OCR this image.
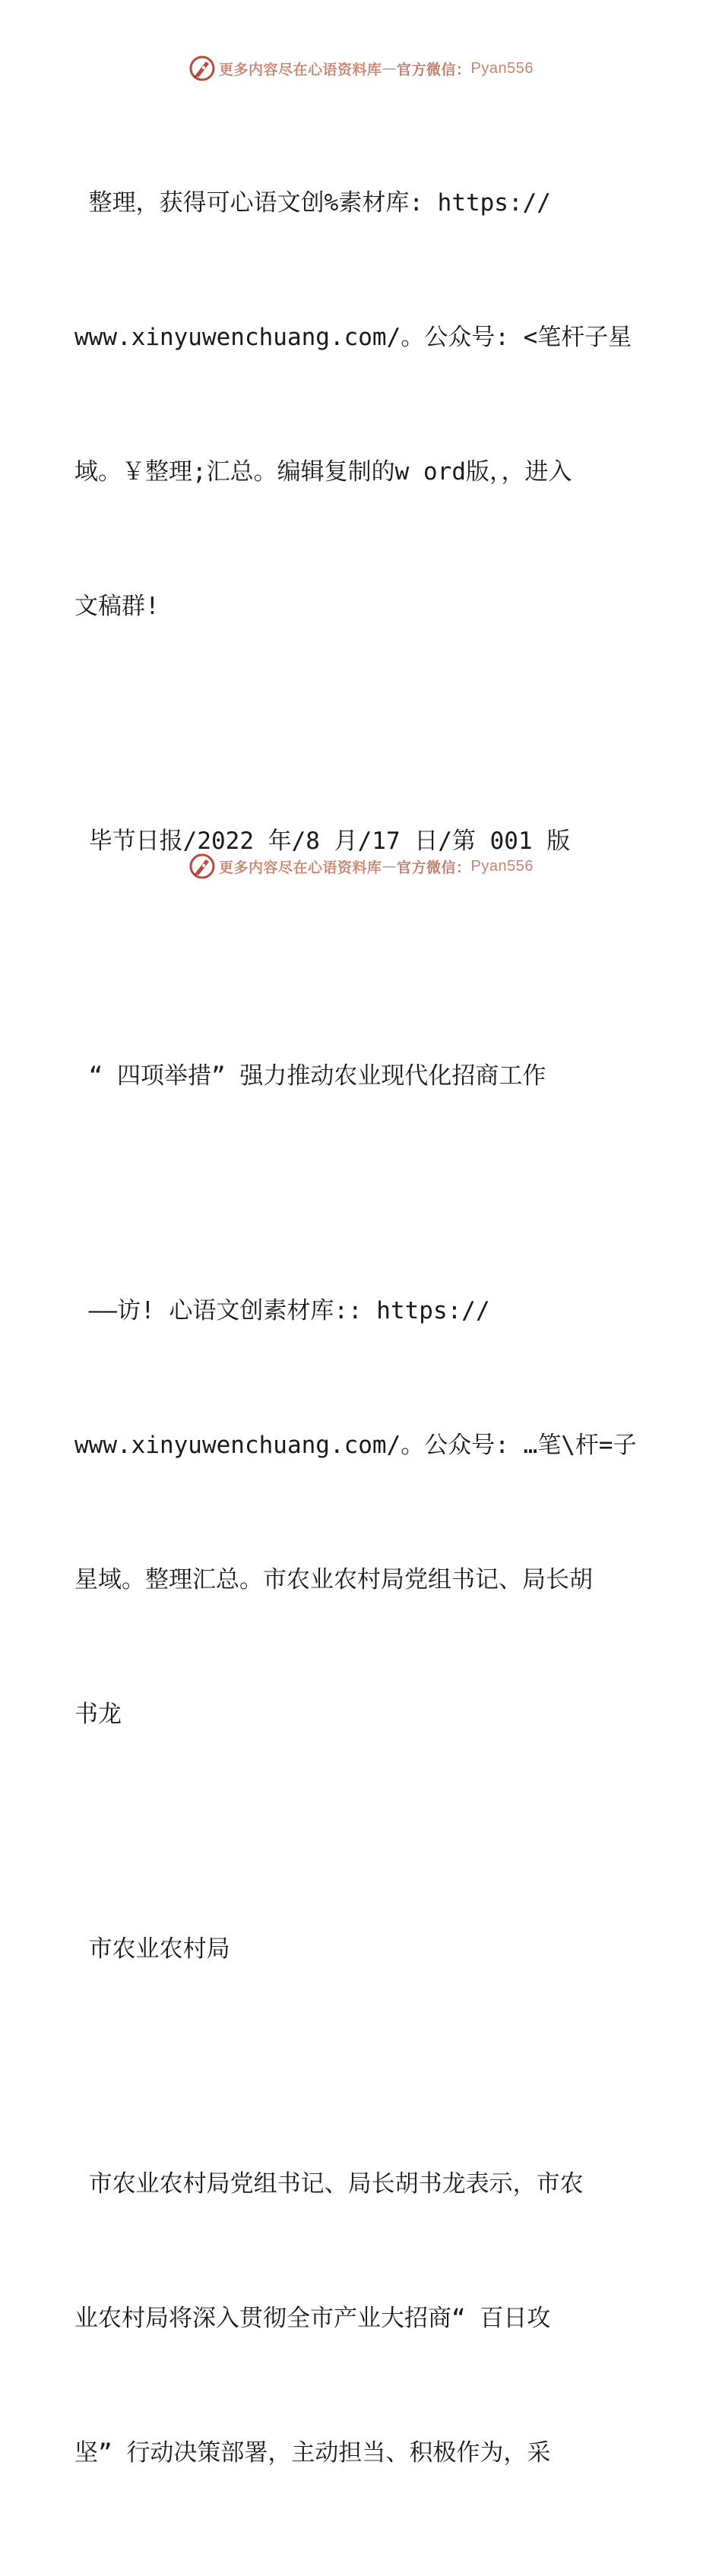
更多内容尽在心语资料库 — 官方微信： Pyan556

整理，获得可心语文创%素材库: https://

www.xinyuwenchuang.com/。公众号: <笔杆子星

域。￥整理;汇总。编辑复制的w ord版，，进入

文稿群!

毕节日报/2022 年/8 月/17 日/第 001 版

“ 四项举措” 强力推动农业现代化招商工作

——访! 心语文创素材库:: https://

www.xinyuwenchuang.com/。公众号: …笔\杆=子

星域。整理汇总。市农业农村局党组书记、局长胡

书龙

市农业农村局

市农业农村局党组书记、局长胡书龙表示，市农

业农村局将深入贯彻全市产业大招商“ 百日攻

坚” 行动决策部署，主动担当、积极作为，采

更多内容尽在心语资料库 — 官方微信： Pyan556
